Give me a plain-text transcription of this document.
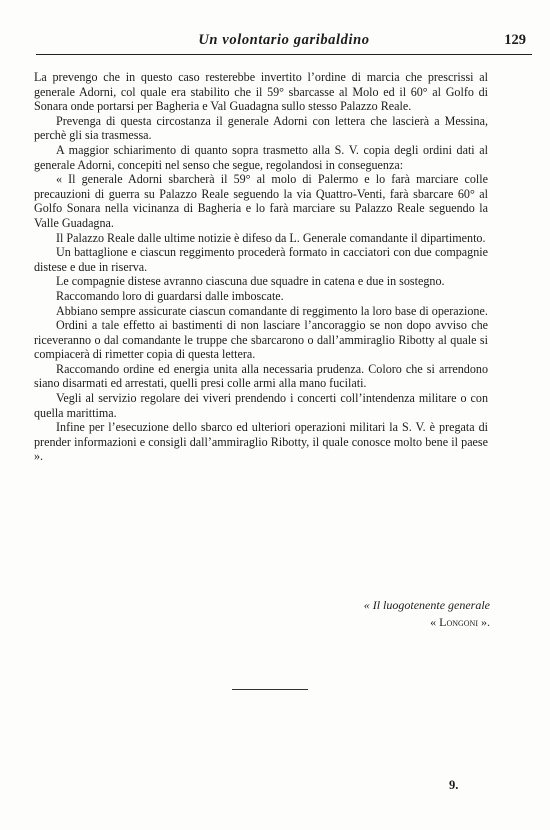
Un volontario garibaldino	129

La prevengo che in questo caso resterebbe invertito l’ordine di marcia che prescrissi al generale Adorni, col quale era stabilito che il 59° sbarcasse al Molo ed il 60° al Golfo di Sonara onde portarsi per Bagheria e Val Guadagna sullo stesso Palazzo Reale.

Prevenga di questa circostanza il generale Adorni con lettera che lascierà a Messina, perchè gli sia trasmessa.

A maggior schiarimento di quanto sopra trasmetto alla S. V. copia degli ordini dati al generale Adorni, concepiti nel senso che segue, regolandosi in conseguenza:

« Il generale Adorni sbarcherà il 59° al molo di Palermo e lo farà marciare colle precauzioni di guerra su Palazzo Reale seguendo la via Quattro-Venti, farà sbarcare 60° al Golfo Sonara nella vicinanza di Bagheria e lo farà marciare su Palazzo Reale seguendo la Valle Guadagna.

Il Palazzo Reale dalle ultime notizie è difeso da L. Generale comandante il dipartimento.

Un battaglione e ciascun reggimento procederà formato in cacciatori con due compagnie distese e due in riserva.

Le compagnie distese avranno ciascuna due squadre in catena e due in sostegno.

Raccomando loro di guardarsi dalle imboscate.

Abbiano sempre assicurate ciascun comandante di reggimento la loro base di operazione.

Ordini a tale effetto ai bastimenti di non lasciare l’ancoraggio se non dopo avviso che riceveranno o dal comandante le truppe che sbarcarono o dall’ammiraglio Ribotty al quale si compiacerà di rimetter copia di questa lettera.

Raccomando ordine ed energia unita alla necessaria prudenza. Coloro che si arrendono siano disarmati ed arrestati, quelli presi colle armi alla mano fucilati.

Vegli al servizio regolare dei viveri prendendo i concerti coll’intendenza militare o con quella marittima.

Infine per l’esecuzione dello sbarco ed ulteriori operazioni militari la S. V. è pregata di prender informazioni e consigli dall’ammiraglio Ribotty, il quale conosce molto bene il paese ».

« Il luogotenente generale
« Longoni ».
9.
